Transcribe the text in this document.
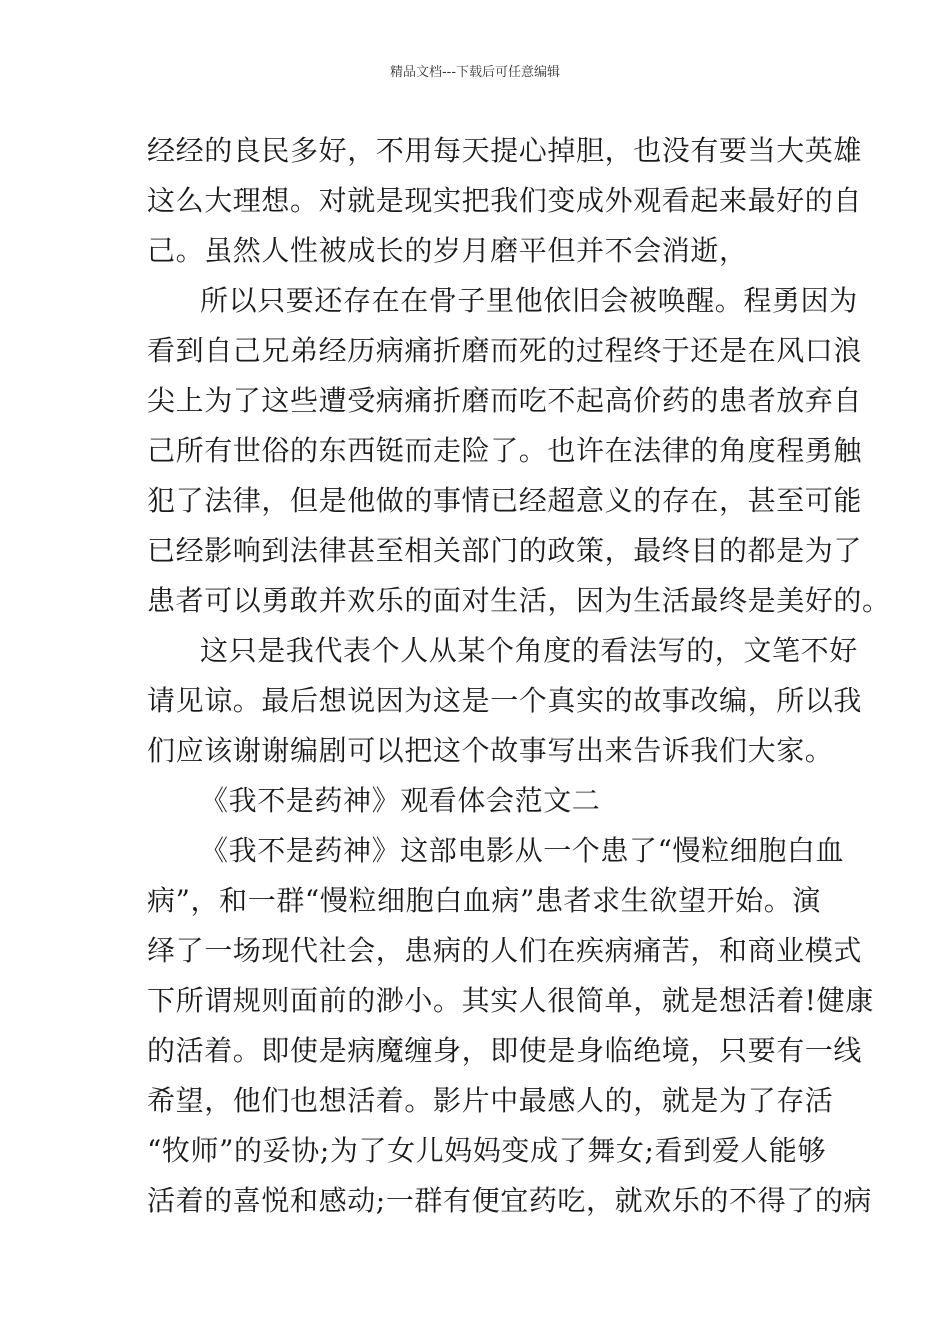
精品文档---下载后可任意编辑
经经的良民多好，不用每天提心掉胆，也没有要当大英雄
这么大理想。对就是现实把我们变成外观看起来最好的自
己。虽然人性被成长的岁月磨平但并不会消逝，
所以只要还存在在骨子里他依旧会被唤醒。程勇因为
看到自己兄弟经历病痛折磨而死的过程终于还是在风口浪
尖上为了这些遭受病痛折磨而吃不起高价药的患者放弃自
己所有世俗的东西铤而走险了。也许在法律的角度程勇触
犯了法律，但是他做的事情已经超意义的存在，甚至可能
已经影响到法律甚至相关部门的政策，最终目的都是为了
患者可以勇敢并欢乐的面对生活，因为生活最终是美好的。
这只是我代表个人从某个角度的看法写的，文笔不好
请见谅。最后想说因为这是一个真实的故事改编，所以我
们应该谢谢编剧可以把这个故事写出来告诉我们大家。
《我不是药神》观看体会范文二
《我不是药神》这部电影从一个患了“慢粒细胞白血
病”，和一群“慢粒细胞白血病”患者求生欲望开始。演
绎了一场现代社会，患病的人们在疾病痛苦，和商业模式
下所谓规则面前的渺小。其实人很简单，就是想活着!健康
的活着。即使是病魔缠身，即使是身临绝境，只要有一线
希望，他们也想活着。影片中最感人的，就是为了存活
“牧师”的妥协;为了女儿妈妈变成了舞女;看到爱人能够
活着的喜悦和感动;一群有便宜药吃，就欢乐的不得了的病
